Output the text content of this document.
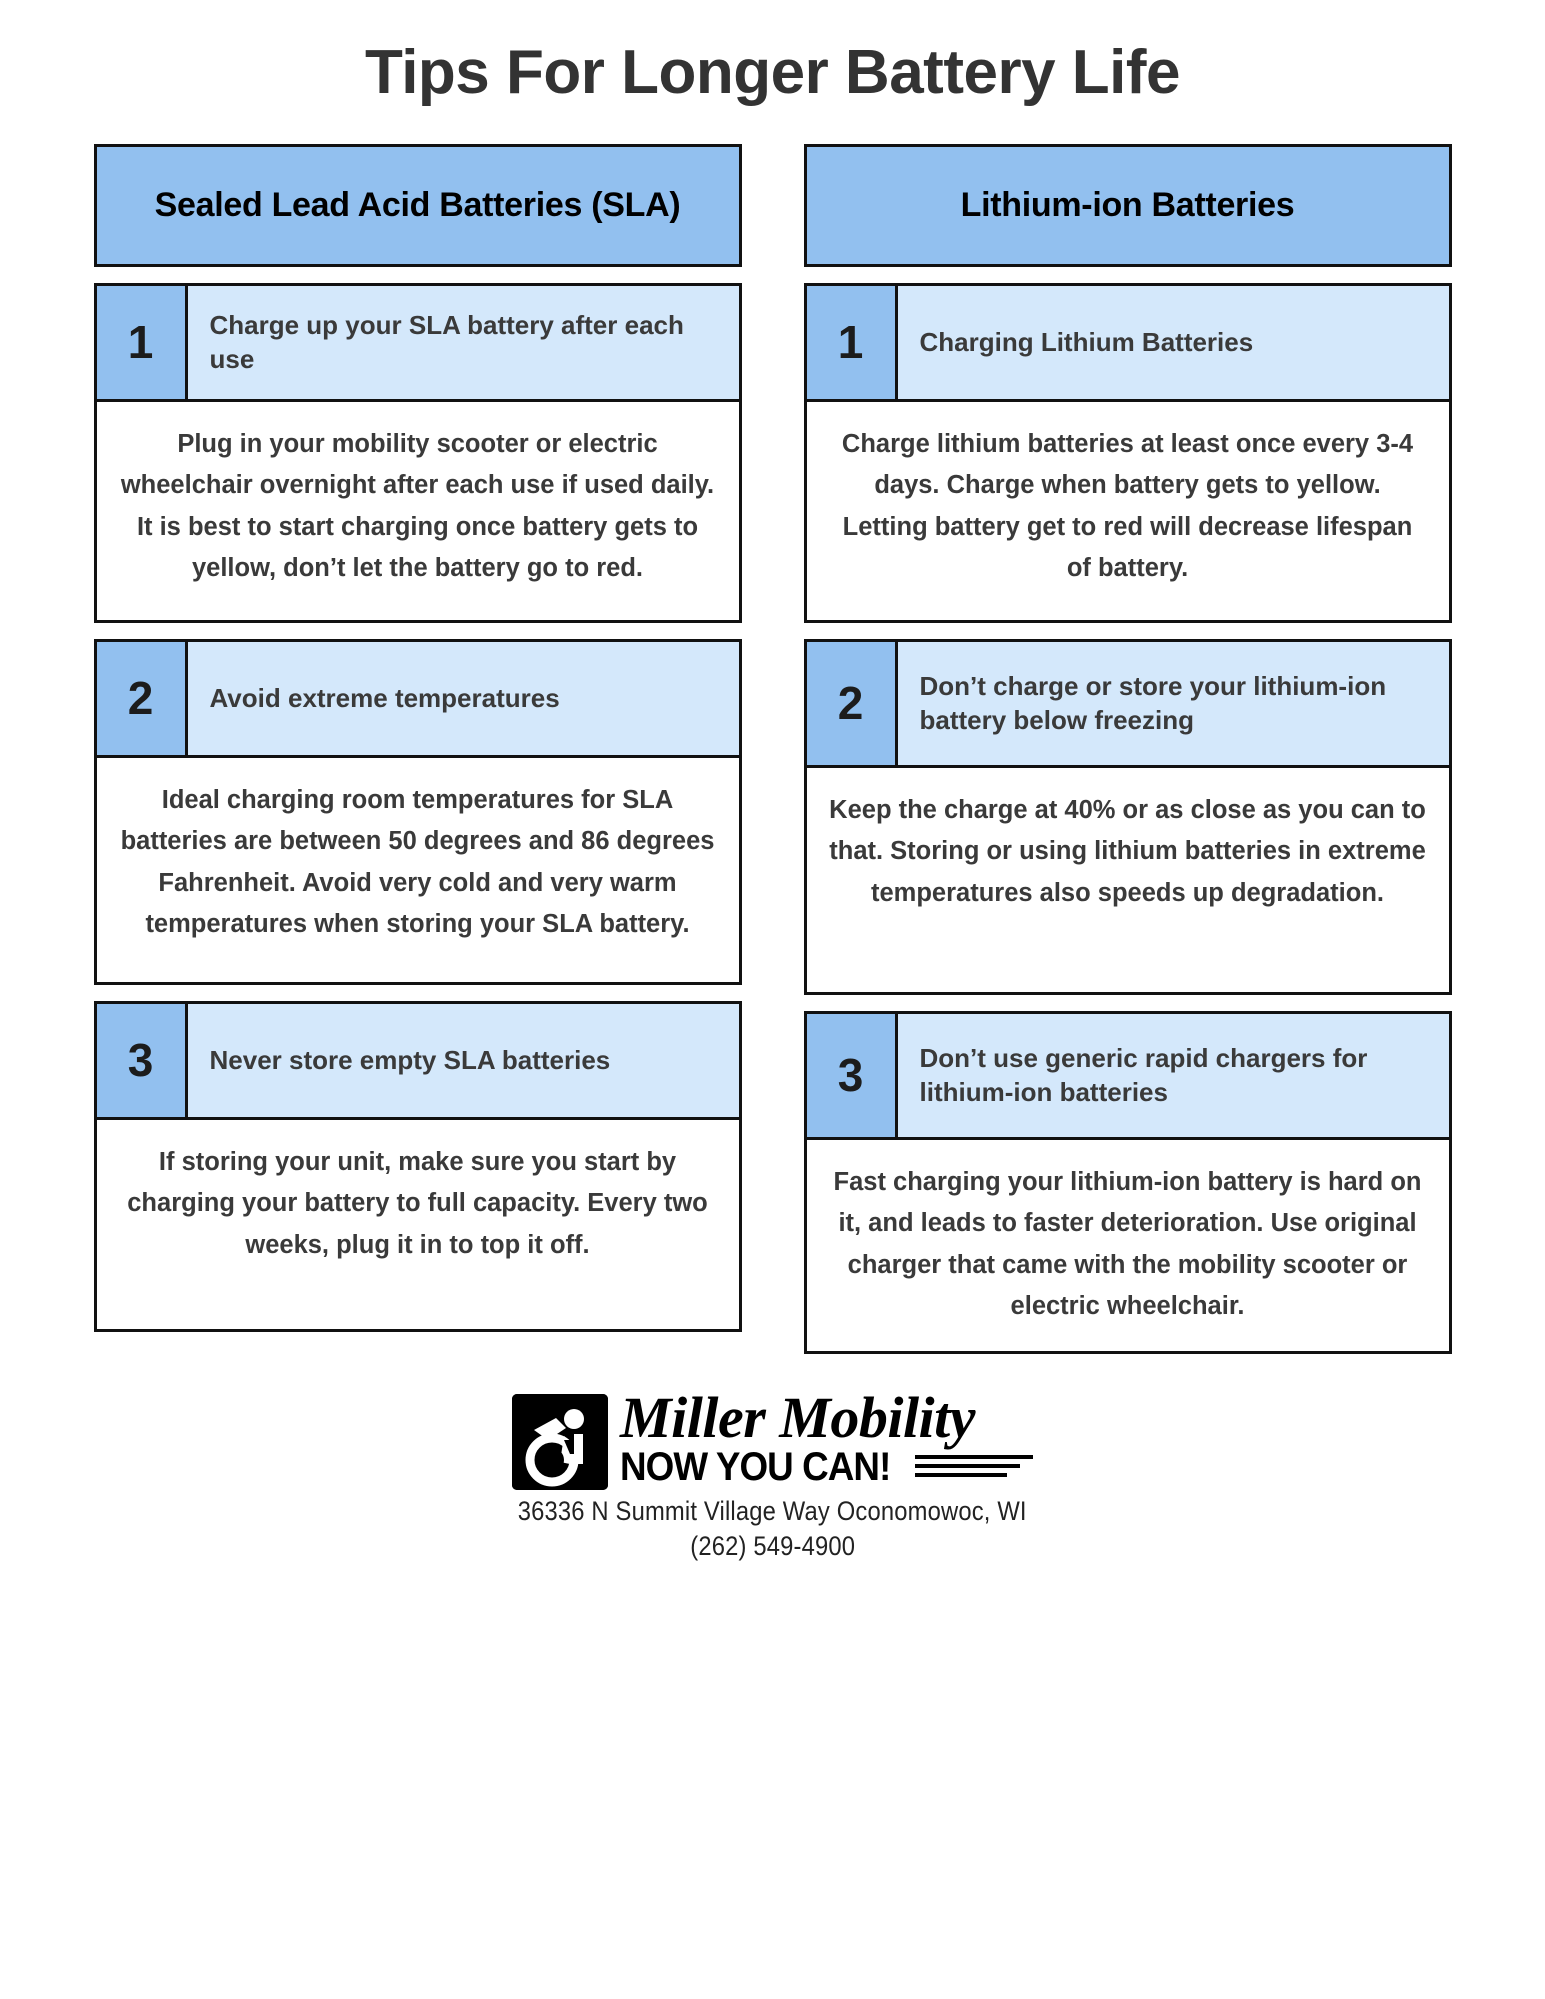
Tips For Longer Battery Life
Sealed Lead Acid Batteries (SLA)
1	Charge up your SLA battery after each use
Plug in your mobility scooter or electric wheelchair overnight after each use if used daily. It is best to start charging once battery gets to yellow, don’t let the battery go to red.
2	Avoid extreme temperatures
Ideal charging room temperatures for SLA batteries are between 50 degrees and 86 degrees Fahrenheit. Avoid very cold and very warm temperatures when storing your SLA battery.
3	Never store empty SLA batteries
If storing your unit, make sure you start by charging your battery to full capacity. Every two weeks, plug it in to top it off.
Lithium-ion Batteries
1	Charging Lithium Batteries
Charge lithium batteries at least once every 3-4 days. Charge when battery gets to yellow. Letting battery get to red will decrease lifespan of battery.
2	Don’t charge or store your lithium-ion battery below freezing
Keep the charge at 40% or as close as you can to that. Storing or using lithium batteries in extreme temperatures also speeds up degradation.
3	Don’t use generic rapid chargers for lithium-ion batteries
Fast charging your lithium-ion battery is hard on it, and leads to faster deterioration. Use original charger that came with the mobility scooter or electric wheelchair.
Miller Mobility
NOW YOU CAN!
36336 N Summit Village Way Oconomowoc, WI
(262) 549-4900
